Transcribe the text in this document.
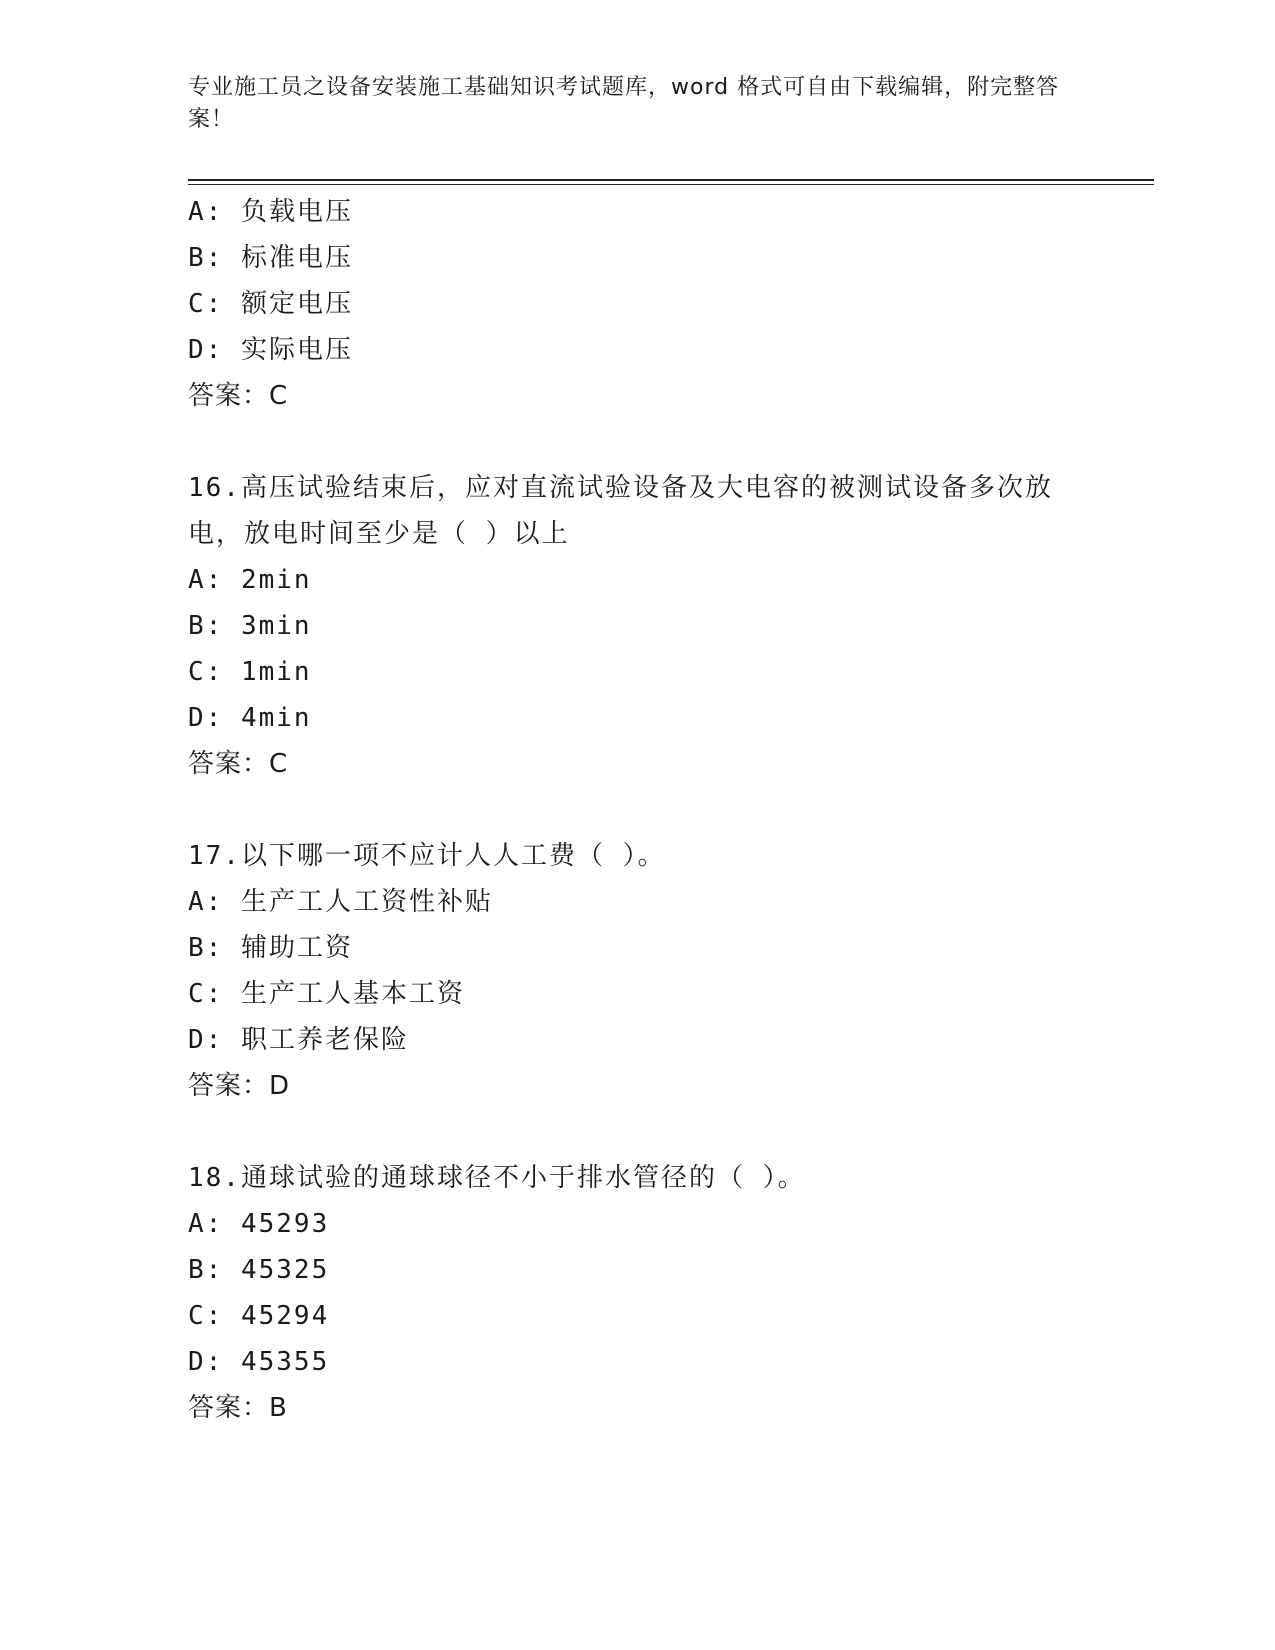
专业施工员之设备安装施工基础知识考试题库，word 格式可自由下载编辑，附完整答案！
A: 负载电压
B: 标准电压
C: 额定电压
D: 实际电压
答案：C
16.高压试验结束后，应对直流试验设备及大电容的被测试设备多次放电，放电时间至少是（ ）以上
A: 2min
B: 3min
C: 1min
D: 4min
答案：C
17.以下哪一项不应计人人工费（ ）。
A: 生产工人工资性补贴
B: 辅助工资
C: 生产工人基本工资
D: 职工养老保险
答案：D
18.通球试验的通球球径不小于排水管径的（ ）。
A: 45293
B: 45325
C: 45294
D: 45355
答案：B
